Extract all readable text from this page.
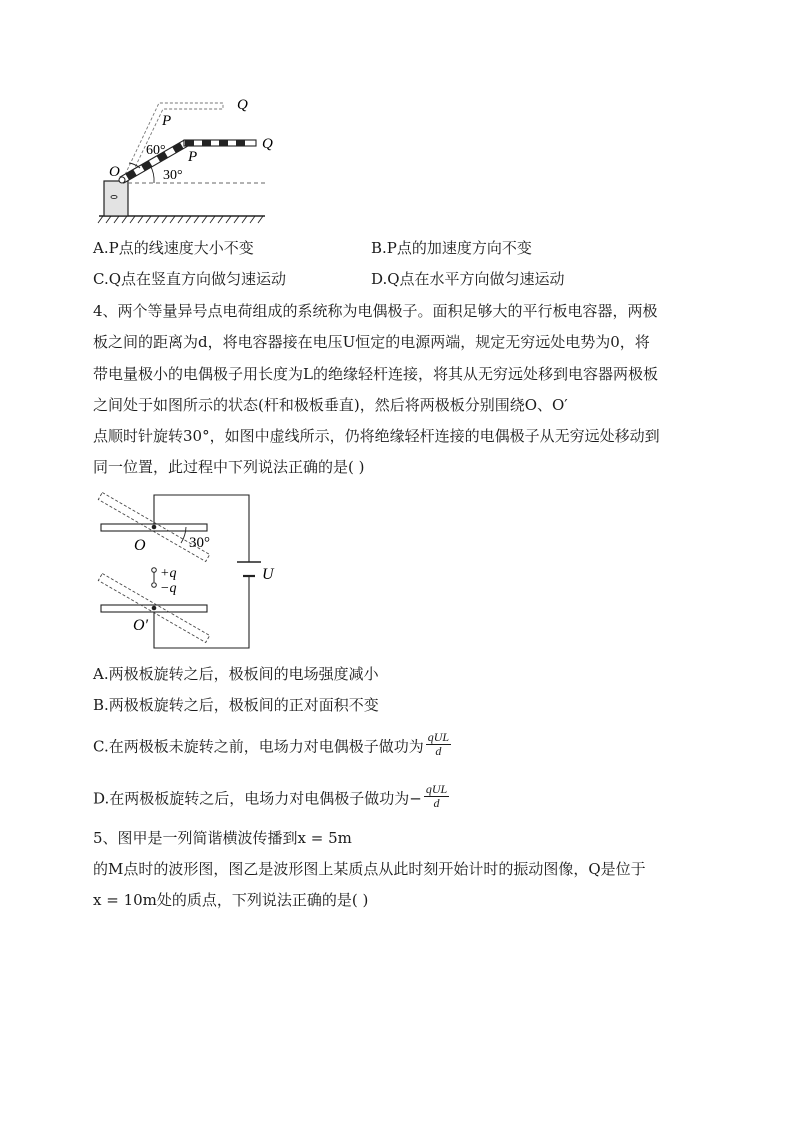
Q
P
Q
P
O
60°
30°
A.P点的线速度大小不变	B.P点的加速度方向不变
C.Q点在竖直方向做匀速运动	D.Q点在水平方向做匀速运动
4、两个等量异号点电荷组成的系统称为电偶极子。面积足够大的平行板电容器，两极
板之间的距离为d，将电容器接在电压U恒定的电源两端，规定无穷远处电势为0，将
带电量极小的电偶极子用长度为L的绝缘轻杆连接，将其从无穷远处移到电容器两极板
之间处于如图所示的状态(杆和极板垂直)，然后将两极板分别围绕O、O′
点顺时针旋转30°，如图中虚线所示，仍将绝缘轻杆连接的电偶极子从无穷远处移动到
同一位置，此过程中下列说法正确的是( )
O	30°
+q
−q
O′
U
A.两极板旋转之后，极板间的电场强度减小
B.两极板旋转之后，极板间的正对面积不变
C.在两极板未旋转之前，电场力对电偶极子做功为 $\frac{\text{qUL}}{d}$
D.在两极板旋转之后，电场力对电偶极子做功为− $\frac{\text{qUL}}{d}$
5、图甲是一列简谐横波传播到x = 5m
的M点时的波形图，图乙是波形图上某质点从此时刻开始计时的振动图像，Q是位于
x = 10m处的质点，下列说法正确的是( )
